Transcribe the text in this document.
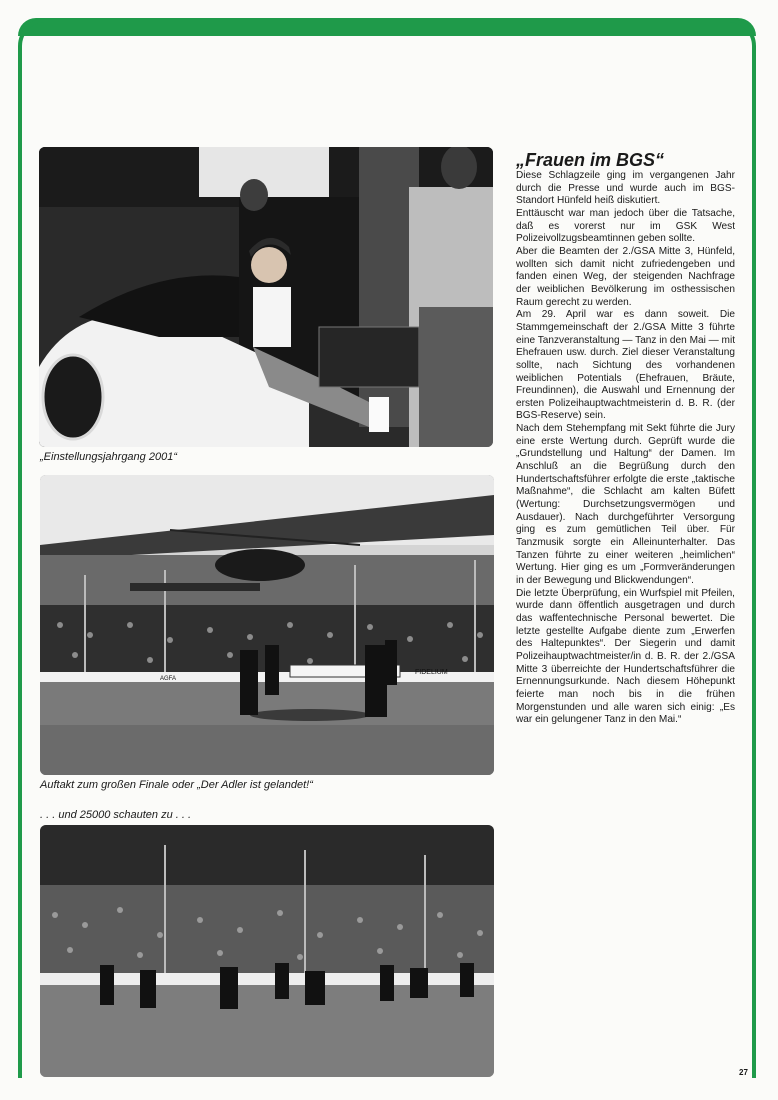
„Einstellungsjahrgang 2001“
FIDELIUM
AGFA
Auftakt zum großen Finale oder „Der Adler ist gelandet!“
. . . und 25000 schauten zu . . .
„Frauen im BGS“

Diese Schlagzeile ging im vergangenen Jahr durch die Presse und wurde auch im BGS-Standort Hünfeld heiß diskutiert.

Enttäuscht war man jedoch über die Tatsache, daß es vorerst nur im GSK West Polizeivollzugsbeamtinnen geben sollte.

Aber die Beamten der 2./GSA Mitte 3, Hünfeld, wollten sich damit nicht zufriedengeben und fanden einen Weg, der steigenden Nachfrage der weiblichen Bevölkerung im osthessischen Raum gerecht zu werden.

Am 29. April war es dann soweit. Die Stammgemeinschaft der 2./GSA Mitte 3 führte eine Tanzveranstaltung — Tanz in den Mai — mit Ehefrauen usw. durch. Ziel dieser Veranstaltung sollte, nach Sichtung des vorhandenen weiblichen Potentials (Ehefrauen, Bräute, Freundinnen), die Auswahl und Ernennung der ersten Polizeihauptwachtmeisterin d. B. R. (der BGS-Reserve) sein.

Nach dem Stehempfang mit Sekt führte die Jury eine erste Wertung durch. Geprüft wurde die „Grundstellung und Haltung“ der Damen. Im Anschluß an die Begrüßung durch den Hundertschaftsführer erfolgte die erste „taktische Maßnahme“, die Schlacht am kalten Büfett (Wertung: Durchsetzungsvermögen und Ausdauer). Nach durchgeführter Versorgung ging es zum gemütlichen Teil über. Für Tanzmusik sorgte ein Alleinunterhalter. Das Tanzen führte zu einer weiteren „heimlichen“ Wertung. Hier ging es um „Formveränderungen in der Bewegung und Blickwendungen“.

Die letzte Überprüfung, ein Wurfspiel mit Pfeilen, wurde dann öffentlich ausgetragen und durch das waffentechnische Personal bewertet. Die letzte gestellte Aufgabe diente zum „Erwerfen des Haltepunktes“. Der Siegerin und damit Polizeihauptwachtmeister/in d. B. R. der 2./GSA Mitte 3 überreichte der Hundertschaftsführer die Ernennungsurkunde. Nach diesem Höhepunkt feierte man noch bis in die frühen Morgenstunden und alle waren sich einig: „Es war ein gelungener Tanz in den Mai.“

27
